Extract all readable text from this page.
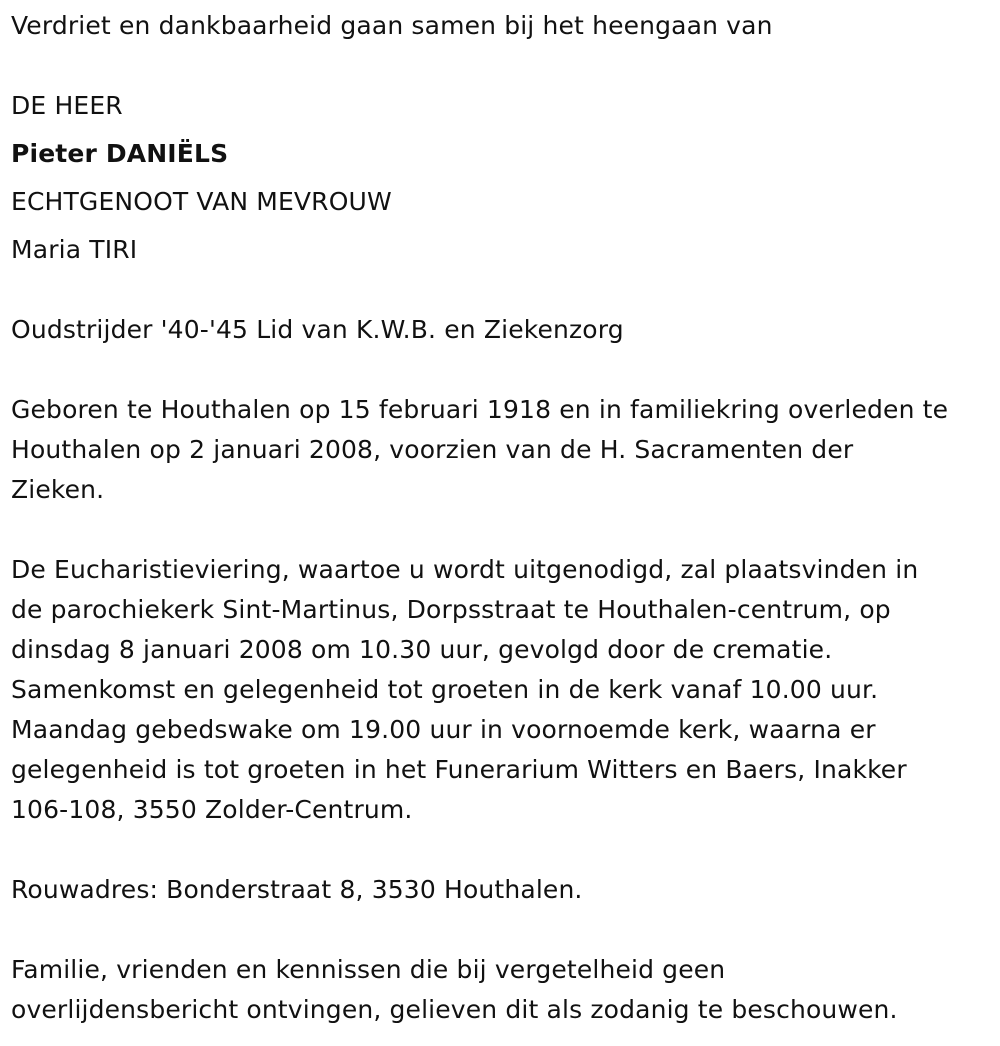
Verdriet en dankbaarheid gaan samen bij het heengaan van
DE HEER
Pieter DANIËLS
ECHTGENOOT VAN MEVROUW
Maria TIRI
Oudstrijder '40-'45 Lid van K.W.B. en Ziekenzorg
Geboren te Houthalen op 15 februari 1918 en in familiekring overleden te
Houthalen op 2 januari 2008, voorzien van de H. Sacramenten der
Zieken.
De Eucharistieviering, waartoe u wordt uitgenodigd, zal plaatsvinden in
de parochiekerk Sint-Martinus, Dorpsstraat te Houthalen-centrum, op
dinsdag 8 januari 2008 om 10.30 uur, gevolgd door de crematie.
Samenkomst en gelegenheid tot groeten in de kerk vanaf 10.00 uur.
Maandag gebedswake om 19.00 uur in voornoemde kerk, waarna er
gelegenheid is tot groeten in het Funerarium Witters en Baers, Inakker
106-108, 3550 Zolder-Centrum.
Rouwadres: Bonderstraat 8, 3530 Houthalen.
Familie, vrienden en kennissen die bij vergetelheid geen
overlijdensbericht ontvingen, gelieven dit als zodanig te beschouwen.
